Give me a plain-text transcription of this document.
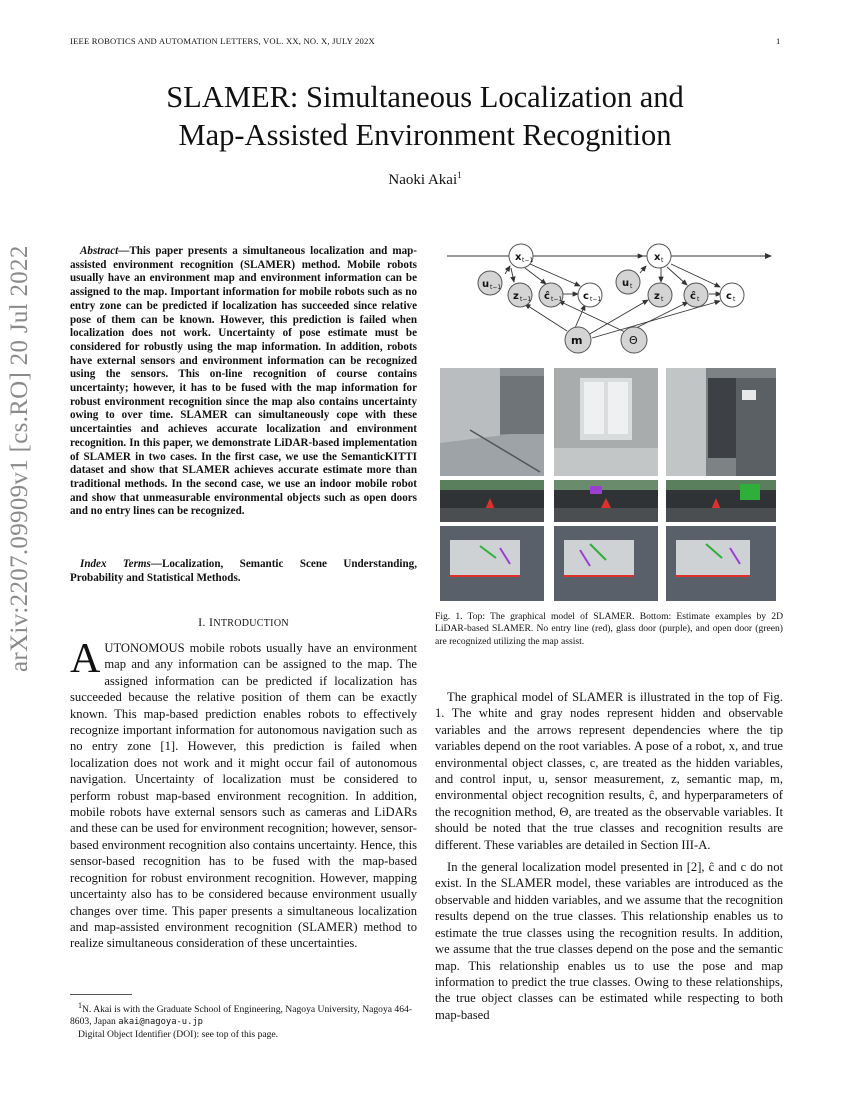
IEEE ROBOTICS AND AUTOMATION LETTERS, VOL. XX, NO. X, JULY 202X	1
arXiv:2207.09909v1 [cs.RO] 20 Jul 2022
SLAMER: Simultaneous Localization and
Map-Assisted Environment Recognition
Naoki Akai$^1$
Abstract—This paper presents a simultaneous localization and map-assisted environment recognition (SLAMER) method. Mobile robots usually have an environment map and environment information can be assigned to the map. Important information for mobile robots such as no entry zone can be predicted if localization has succeeded since relative pose of them can be known. However, this prediction is failed when localization does not work. Uncertainty of pose estimate must be considered for robustly using the map information. In addition, robots have external sensors and environment information can be recognized using the sensors. This on-line recognition of course contains uncertainty; however, it has to be fused with the map information for robust environment recognition since the map also contains uncertainty owing to over time. SLAMER can simultaneously cope with these uncertainties and achieves accurate localization and environment recognition. In this paper, we demonstrate LiDAR-based implementation of SLAMER in two cases. In the first case, we use the SemanticKITTI dataset and show that SLAMER achieves accurate estimate more than traditional methods. In the second case, we use an indoor mobile robot and show that unmeasurable environmental objects such as open doors and no entry lines can be recognized.
Index Terms—Localization, Semantic Scene Understanding, Probability and Statistical Methods.
I. INTRODUCTION
AUTONOMOUS mobile robots usually have an environment map and any information can be assigned to the map. The assigned information can be predicted if localization has succeeded because the relative position of them can be exactly known. This map-based prediction enables robots to effectively recognize important information for autonomous navigation such as no entry zone [1]. However, this prediction is failed when localization does not work and it might occur fail of autonomous navigation. Uncertainty of localization must be considered to perform robust map-based environment recognition. In addition, mobile robots have external sensors such as cameras and LiDARs and these can be used for environment recognition; however, sensor-based environment recognition also contains uncertainty. Hence, this sensor-based recognition has to be fused with the map-based recognition for robust environment recognition. However, mapping uncertainty also has to be considered because environment usually changes over time. This paper presents a simultaneous localization and map-assisted environment recognition (SLAMER) method to realize simultaneous consideration of these uncertainties.
$^1$N. Akai is with the Graduate School of Engineering, Nagoya University, Nagoya 464-8603, Japan akai@nagoya-u.jp
Digital Object Identifier (DOI): see top of this page.
x t−1
u t−1
z t−1 ĉ t−1 c t−1
x t
u t
z t	ĉ t	c t
m	Θ
Fig. 1. Top: The graphical model of SLAMER. Bottom: Estimate examples by 2D LiDAR-based SLAMER. No entry line (red), glass door (purple), and open door (green) are recognized utilizing the map assist.

The graphical model of SLAMER is illustrated in the top of Fig. 1. The white and gray nodes represent hidden and observable variables and the arrows represent dependencies where the tip variables depend on the root variables. A pose of a robot, x, and true environmental object classes, c, are treated as the hidden variables, and control input, u, sensor measurement, z, semantic map, m, environmental object recognition results, ĉ, and hyperparameters of the recognition method, Θ, are treated as the observable variables. It should be noted that the true classes and recognition results are different. These variables are detailed in Section III-A.

In the general localization model presented in [2], ĉ and c do not exist. In the SLAMER model, these variables are introduced as the observable and hidden variables, and we assume that the recognition results depend on the true classes. This relationship enables us to estimate the true classes using the recognition results. In addition, we assume that the true classes depend on the pose and the semantic map. This relationship enables us to use the pose and map information to predict the true classes. Owing to these relationships, the true object classes can be estimated while respecting to both map-based
